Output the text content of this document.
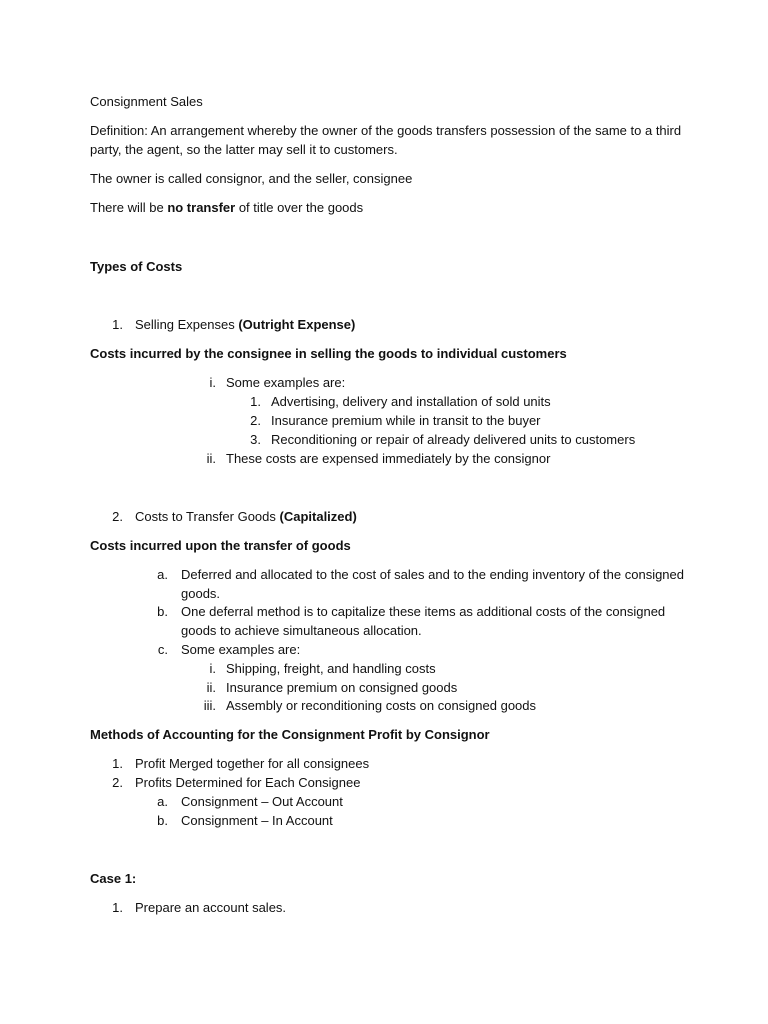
Consignment Sales
Definition: An arrangement whereby the owner of the goods transfers possession of the same to a third
party, the agent, so the latter may sell it to customers.
The owner is called consignor, and the seller, consignee
There will be no transfer of title over the goods
Types of Costs
1. Selling Expenses (Outright Expense)
Costs incurred by the consignee in selling the goods to individual customers
i. Some examples are:
1. Advertising, delivery and installation of sold units
2. Insurance premium while in transit to the buyer
3. Reconditioning or repair of already delivered units to customers
ii. These costs are expensed immediately by the consignor
2. Costs to Transfer Goods (Capitalized)
Costs incurred upon the transfer of goods
a. Deferred and allocated to the cost of sales and to the ending inventory of the consigned
goods.
b. One deferral method is to capitalize these items as additional costs of the consigned
goods to achieve simultaneous allocation.
c. Some examples are:
i. Shipping, freight, and handling costs
ii. Insurance premium on consigned goods
iii. Assembly or reconditioning costs on consigned goods
Methods of Accounting for the Consignment Profit by Consignor
1. Profit Merged together for all consignees
2. Profits Determined for Each Consignee
a. Consignment – Out Account
b. Consignment – In Account
Case 1:
1. Prepare an account sales.
